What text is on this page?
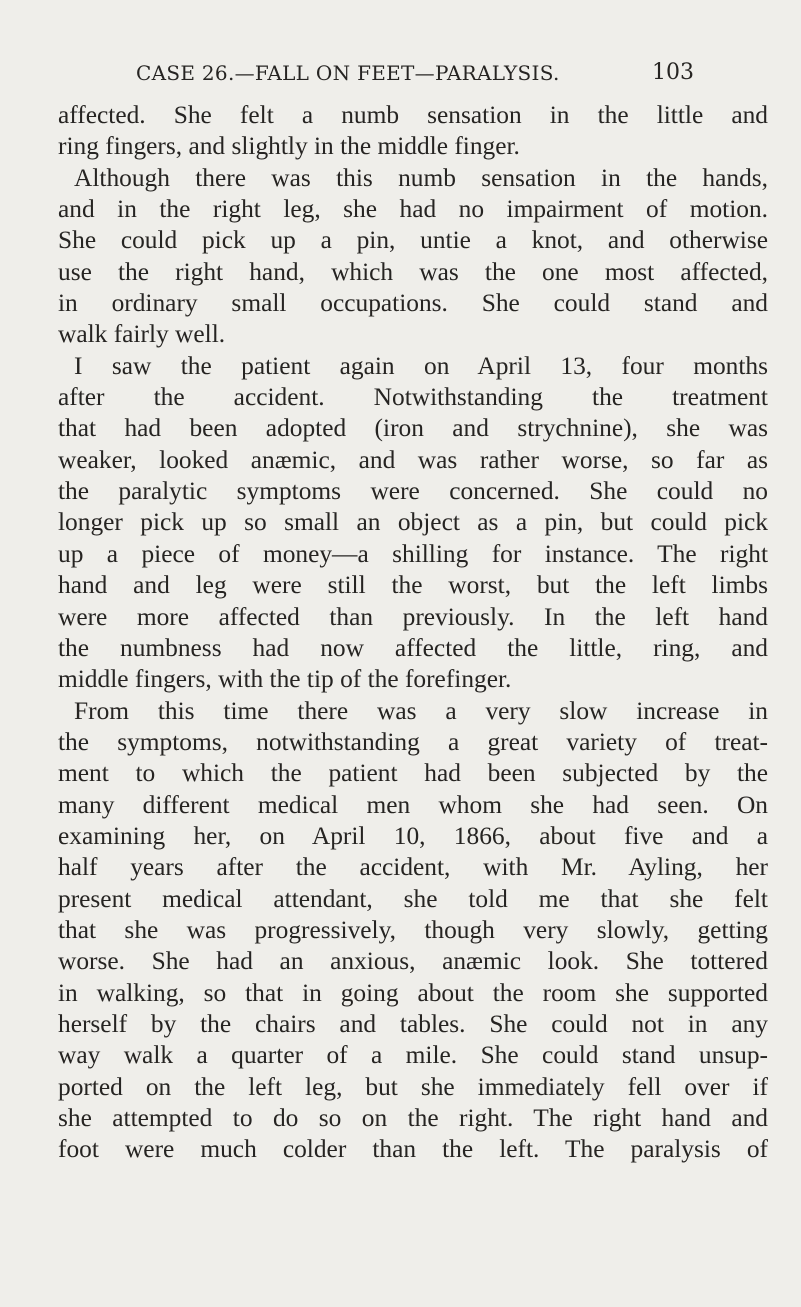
CASE 26.—FALL ON FEET—PARALYSIS.	103
affected. She felt a numb sensation in the little and
ring fingers, and slightly in the middle finger.
Although there was this numb sensation in the hands,
and in the right leg, she had no impairment of motion.
She could pick up a pin, untie a knot, and otherwise
use the right hand, which was the one most affected,
in ordinary small occupations. She could stand and
walk fairly well.
I saw the patient again on April 13, four months
after the accident. Notwithstanding the treatment
that had been adopted (iron and strychnine), she was
weaker, looked anæmic, and was rather worse, so far as
the paralytic symptoms were concerned. She could no
longer pick up so small an object as a pin, but could pick
up a piece of money—a shilling for instance. The right
hand and leg were still the worst, but the left limbs
were more affected than previously. In the left hand
the numbness had now affected the little, ring, and
middle fingers, with the tip of the forefinger.
From this time there was a very slow increase in
the symptoms, notwithstanding a great variety of treat-
ment to which the patient had been subjected by the
many different medical men whom she had seen. On
examining her, on April 10, 1866, about five and a
half years after the accident, with Mr. Ayling, her
present medical attendant, she told me that she felt
that she was progressively, though very slowly, getting
worse. She had an anxious, anæmic look. She tottered
in walking, so that in going about the room she supported
herself by the chairs and tables. She could not in any
way walk a quarter of a mile. She could stand unsup-
ported on the left leg, but she immediately fell over if
she attempted to do so on the right. The right hand and
foot were much colder than the left. The paralysis of
